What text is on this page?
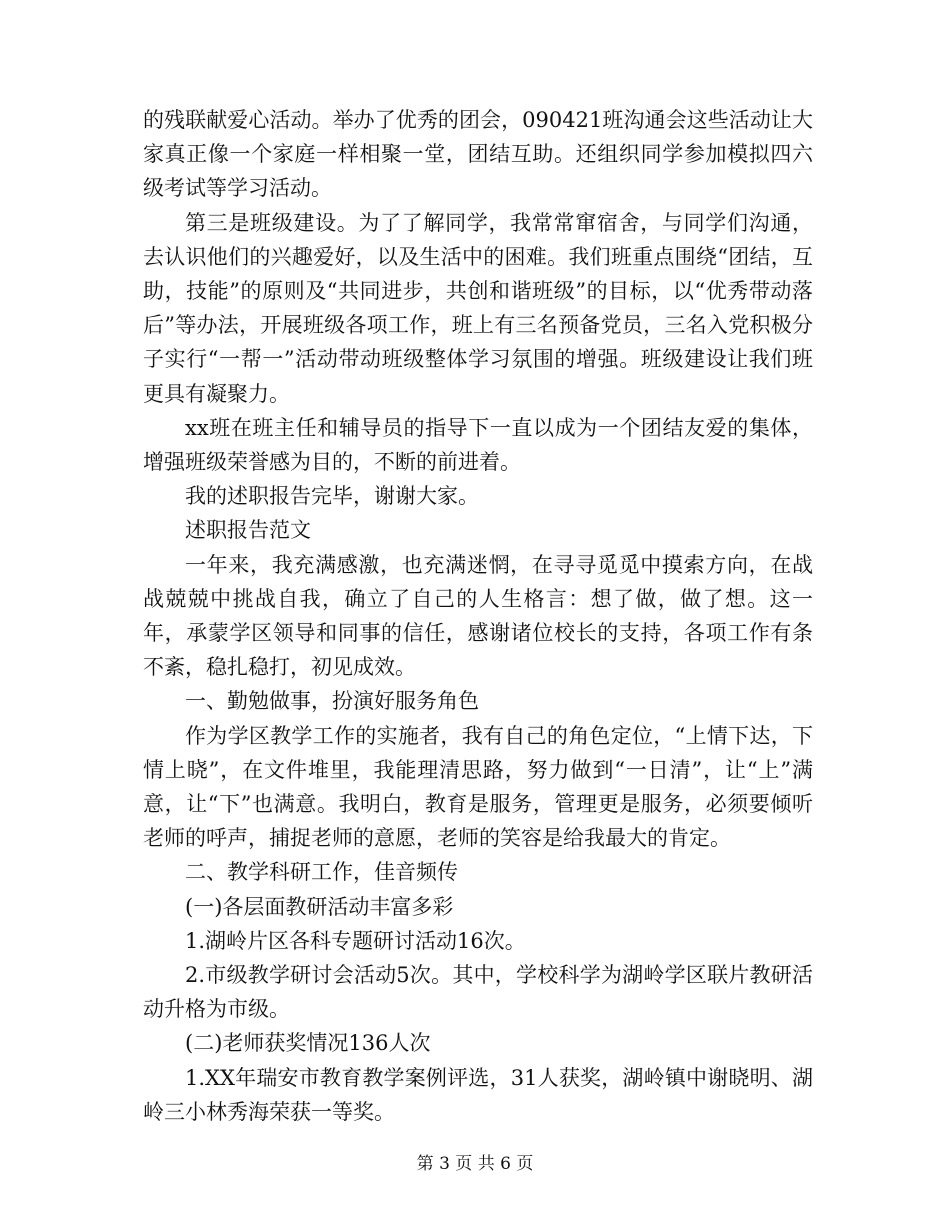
的残联献爱心活动。举办了优秀的团会，090421班沟通会这些活动让大家真正像一个家庭一样相聚一堂，团结互助。还组织同学参加模拟四六级考试等学习活动。

第三是班级建设。为了了解同学，我常常窜宿舍，与同学们沟通，去认识他们的兴趣爱好，以及生活中的困难。我们班重点围绕“团结，互助，技能”的原则及“共同进步，共创和谐班级”的目标，以“优秀带动落后”等办法，开展班级各项工作，班上有三名预备党员，三名入党积极分子实行“一帮一”活动带动班级整体学习氛围的增强。班级建设让我们班更具有凝聚力。

xx班在班主任和辅导员的指导下一直以成为一个团结友爱的集体，增强班级荣誉感为目的，不断的前进着。

我的述职报告完毕，谢谢大家。

述职报告范文

一年来，我充满感激，也充满迷惘，在寻寻觅觅中摸索方向，在战战兢兢中挑战自我，确立了自己的人生格言：想了做，做了想。这一年，承蒙学区领导和同事的信任，感谢诸位校长的支持，各项工作有条不紊，稳扎稳打，初见成效。

一、勤勉做事，扮演好服务角色

作为学区教学工作的实施者，我有自己的角色定位，“上情下达，下情上晓”，在文件堆里，我能理清思路，努力做到“一日清”，让“上”满意，让“下”也满意。我明白，教育是服务，管理更是服务，必须要倾听老师的呼声，捕捉老师的意愿，老师的笑容是给我最大的肯定。

二、教学科研工作，佳音频传

(一)各层面教研活动丰富多彩

1.湖岭片区各科专题研讨活动16次。

2.市级教学研讨会活动5次。其中，学校科学为湖岭学区联片教研活动升格为市级。

(二)老师获奖情况136人次

1.XX年瑞安市教育教学案例评选，31人获奖，湖岭镇中谢晓明、湖岭三小林秀海荣获一等奖。

第 3 页 共 6 页
